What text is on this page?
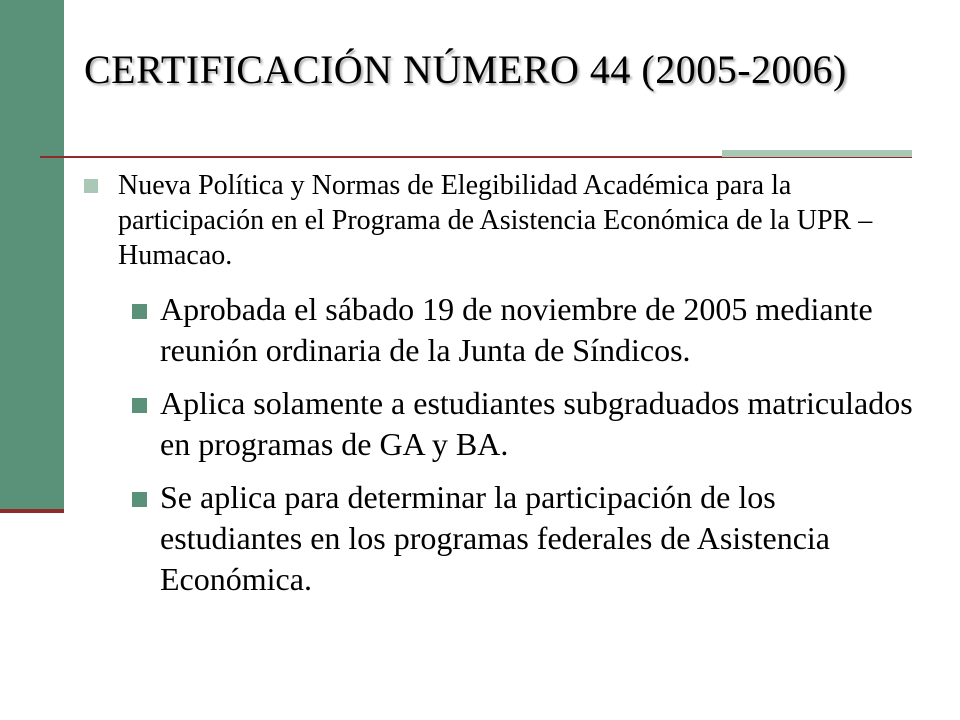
CERTIFICACIÓN NÚMERO 44 (2005-2006)
Nueva Política y Normas de Elegibilidad Académica para la participación en el Programa de Asistencia Económica de la UPR – Humacao.
Aprobada el sábado 19 de noviembre de 2005 mediante reunión ordinaria de la Junta de Síndicos.
Aplica solamente a estudiantes subgraduados matriculados en programas de GA y BA.
Se aplica para determinar la participación de los estudiantes en los programas federales de Asistencia Económica.
